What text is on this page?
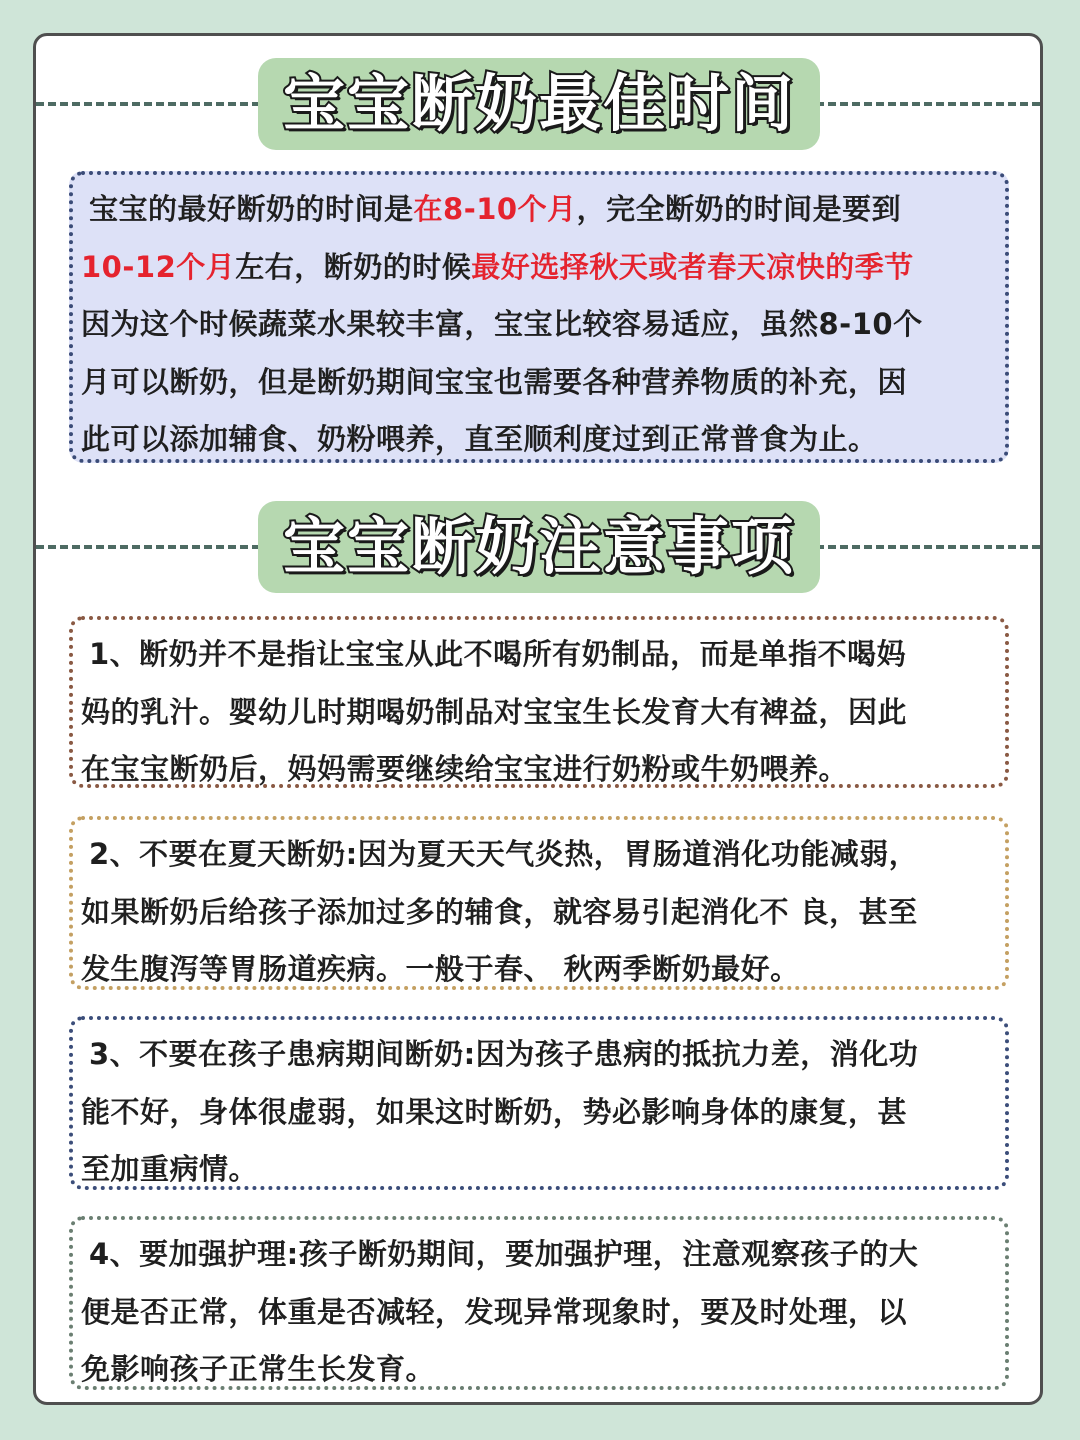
宝宝断奶最佳时间

宝宝的最好断奶的时间是在8-10个月，完全断奶的时间是要到

10-12个月左右，断奶的时候最好选择秋天或者春天凉快的季节

因为这个时候蔬菜水果较丰富，宝宝比较容易适应，虽然8-10个

月可以断奶，但是断奶期间宝宝也需要各种营养物质的补充，因

此可以添加辅食、奶粉喂养，直至顺利度过到正常普食为止。

宝宝断奶注意事项

1、断奶并不是指让宝宝从此不喝所有奶制品，而是单指不喝妈

妈的乳汁。婴幼儿时期喝奶制品对宝宝生长发育大有裨益，因此

在宝宝断奶后，妈妈需要继续给宝宝进行奶粉或牛奶喂养。

2、不要在夏天断奶:因为夏天天气炎热，胃肠道消化功能减弱，

如果断奶后给孩子添加过多的辅食，就容易引起消化不 良，甚至

发生腹泻等胃肠道疾病。一般于春、 秋两季断奶最好。

3、不要在孩子患病期间断奶:因为孩子患病的抵抗力差，消化功

能不好，身体很虚弱，如果这时断奶，势必影响身体的康复，甚

至加重病情。

4、要加强护理:孩子断奶期间，要加强护理，注意观察孩子的大

便是否正常，体重是否减轻，发现异常现象时，要及时处理，以

免影响孩子正常生长发育。
